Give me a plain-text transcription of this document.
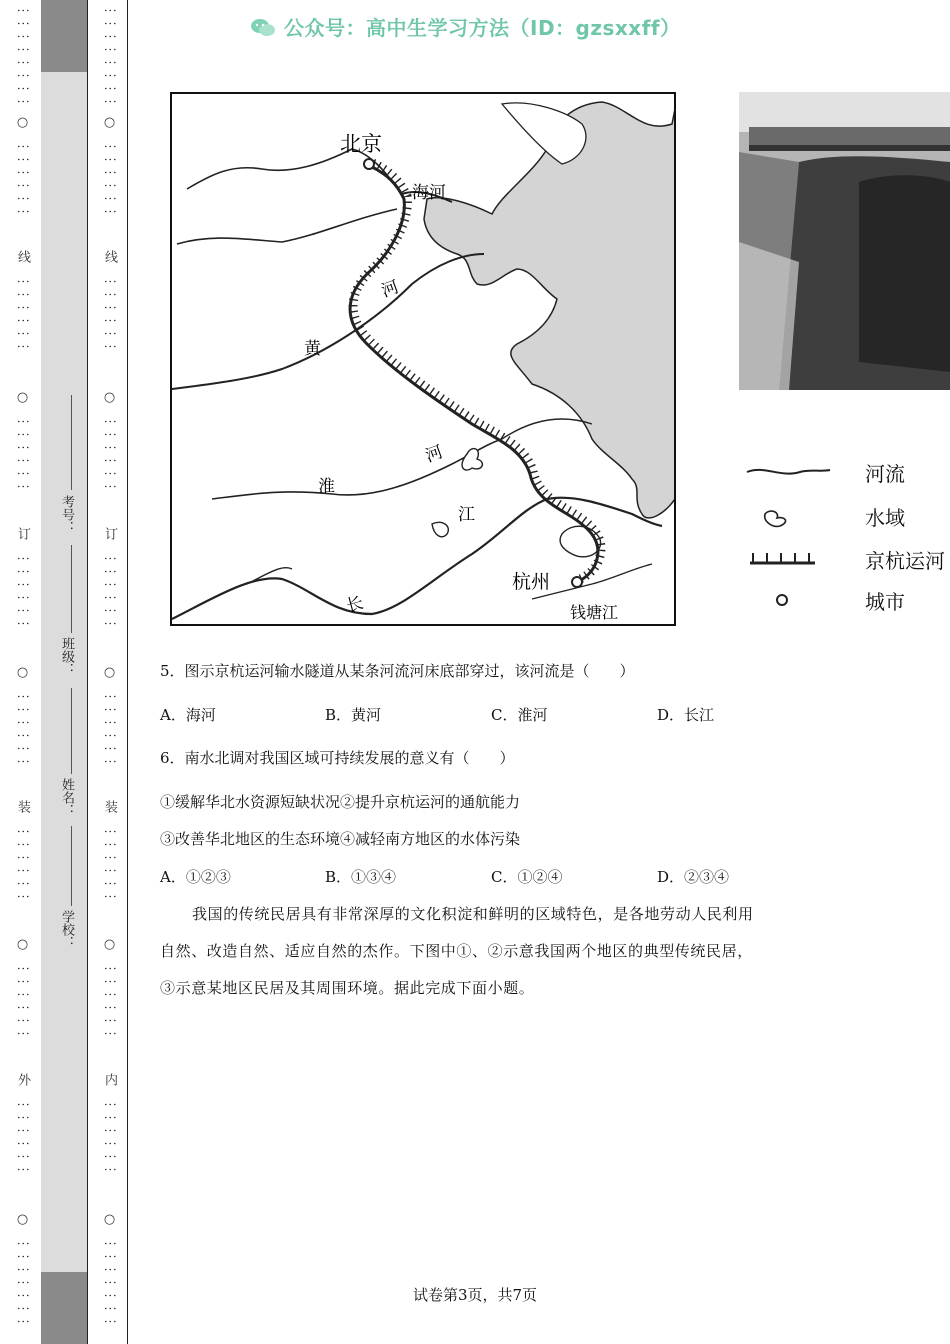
⋮⋮⋮⋮⋮⋮⋮⋮
○
⋮⋮⋮⋮⋮⋮
线
⋮⋮⋮⋮⋮⋮
○
⋮⋮⋮⋮⋮⋮
订
⋮⋮⋮⋮⋮⋮
○
⋮⋮⋮⋮⋮⋮
装
⋮⋮⋮⋮⋮⋮
○
⋮⋮⋮⋮⋮⋮
外
⋮⋮⋮⋮⋮⋮
○
⋮⋮⋮⋮⋮⋮⋮
⋮⋮⋮⋮⋮⋮⋮⋮
○
⋮⋮⋮⋮⋮⋮
线
⋮⋮⋮⋮⋮⋮
○
⋮⋮⋮⋮⋮⋮
订
⋮⋮⋮⋮⋮⋮
○
⋮⋮⋮⋮⋮⋮
装
⋮⋮⋮⋮⋮⋮
○
⋮⋮⋮⋮⋮⋮
内
⋮⋮⋮⋮⋮⋮
○
⋮⋮⋮⋮⋮⋮⋮
考号：
班级：
姓名：
学校：
公众号：高中生学习方法（ID：gzsxxff）
北京
海河
河
黄
河
淮
江
长
杭州
钱塘江
河流
水域
京杭运河
城市
5．图示京杭运河输水隧道从某条河流河床底部穿过，该河流是（　　）
A．海河	B．黄河	C．淮河	D．长江
6．南水北调对我国区域可持续发展的意义有（　　）
①缓解华北水资源短缺状况②提升京杭运河的通航能力
③改善华北地区的生态环境④减轻南方地区的水体污染
A．①②③	B．①③④	C．①②④	D．②③④
我国的传统民居具有非常深厚的文化积淀和鲜明的区域特色，是各地劳动人民利用
自然、改造自然、适应自然的杰作。下图中①、②示意我国两个地区的典型传统民居，
③示意某地区民居及其周围环境。据此完成下面小题。
试卷第3页，共7页
